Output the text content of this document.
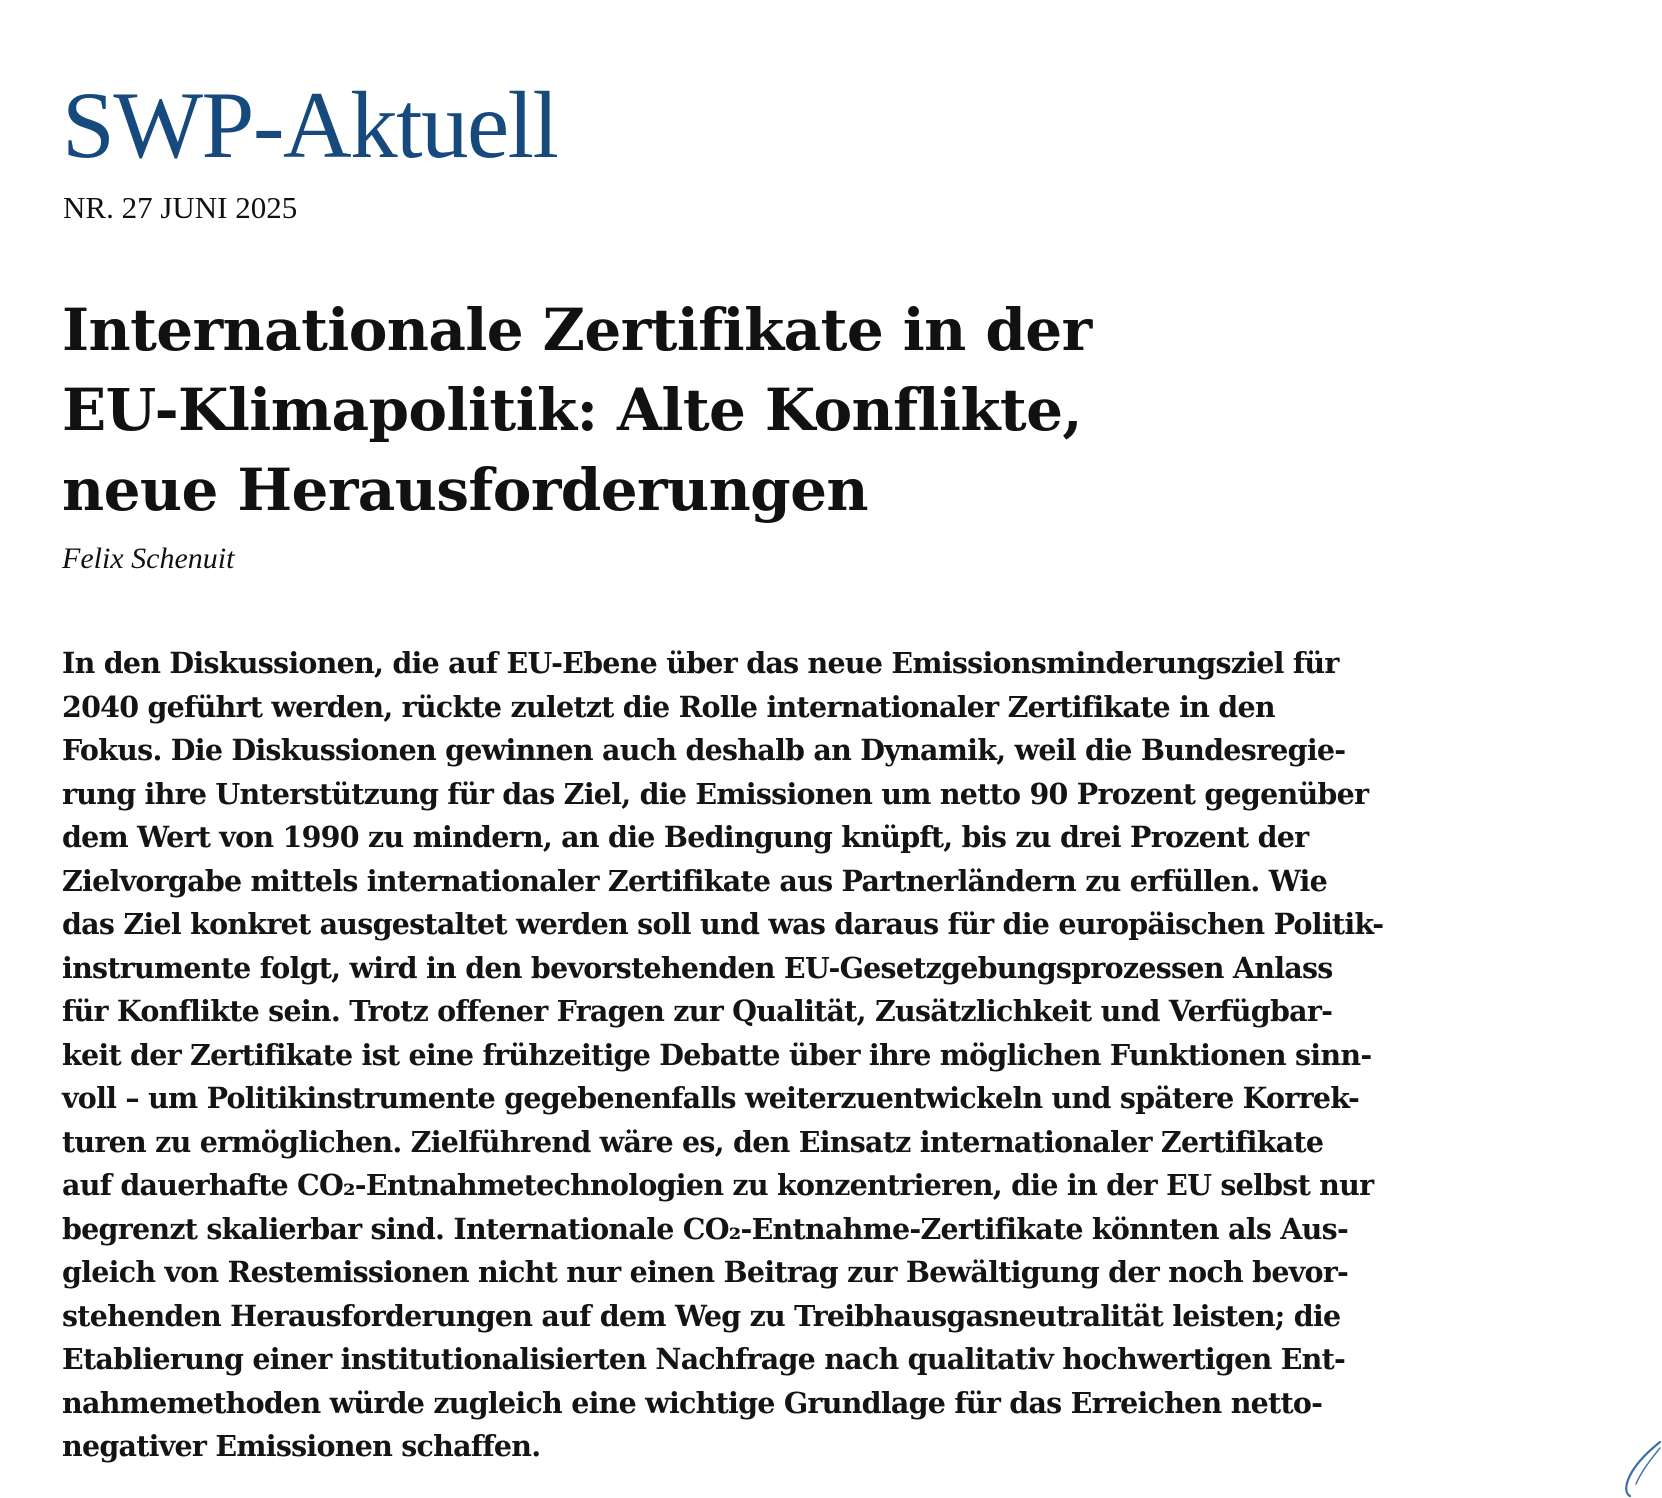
SWP-Aktuell
NR. 27 JUNI 2025
Internationale Zertifikate in der
EU-Klimapolitik: Alte Konflikte,
neue Herausforderungen
Felix Schenuit
In den Diskussionen, die auf EU-Ebene über das neue Emissionsminderungsziel für
2040 geführt werden, rückte zuletzt die Rolle internationaler Zertifikate in den
Fokus. Die Diskussionen gewinnen auch deshalb an Dynamik, weil die Bundesregie-
rung ihre Unterstützung für das Ziel, die Emissionen um netto 90 Prozent gegenüber
dem Wert von 1990 zu mindern, an die Bedingung knüpft, bis zu drei Prozent der
Zielvorgabe mittels internationaler Zertifikate aus Partnerländern zu erfüllen. Wie
das Ziel konkret ausgestaltet werden soll und was daraus für die europäischen Politik-
instrumente folgt, wird in den bevorstehenden EU-Gesetzgebungsprozessen Anlass
für Konflikte sein. Trotz offener Fragen zur Qualität, Zusätzlichkeit und Verfügbar-
keit der Zertifikate ist eine frühzeitige Debatte über ihre möglichen Funktionen sinn-
voll – um Politikinstrumente gegebenenfalls weiterzuentwickeln und spätere Korrek-
turen zu ermöglichen. Zielführend wäre es, den Einsatz internationaler Zertifikate
auf dauerhafte CO₂-Entnahmetechnologien zu konzentrieren, die in der EU selbst nur
begrenzt skalierbar sind. Internationale CO₂-Entnahme-Zertifikate könnten als Aus-
gleich von Restemissionen nicht nur einen Beitrag zur Bewältigung der noch bevor-
stehenden Herausforderungen auf dem Weg zu Treibhausgasneutralität leisten; die
Etablierung einer institutionalisierten Nachfrage nach qualitativ hochwertigen Ent-
nahmemethoden würde zugleich eine wichtige Grundlage für das Erreichen netto-
negativer Emissionen schaffen.
